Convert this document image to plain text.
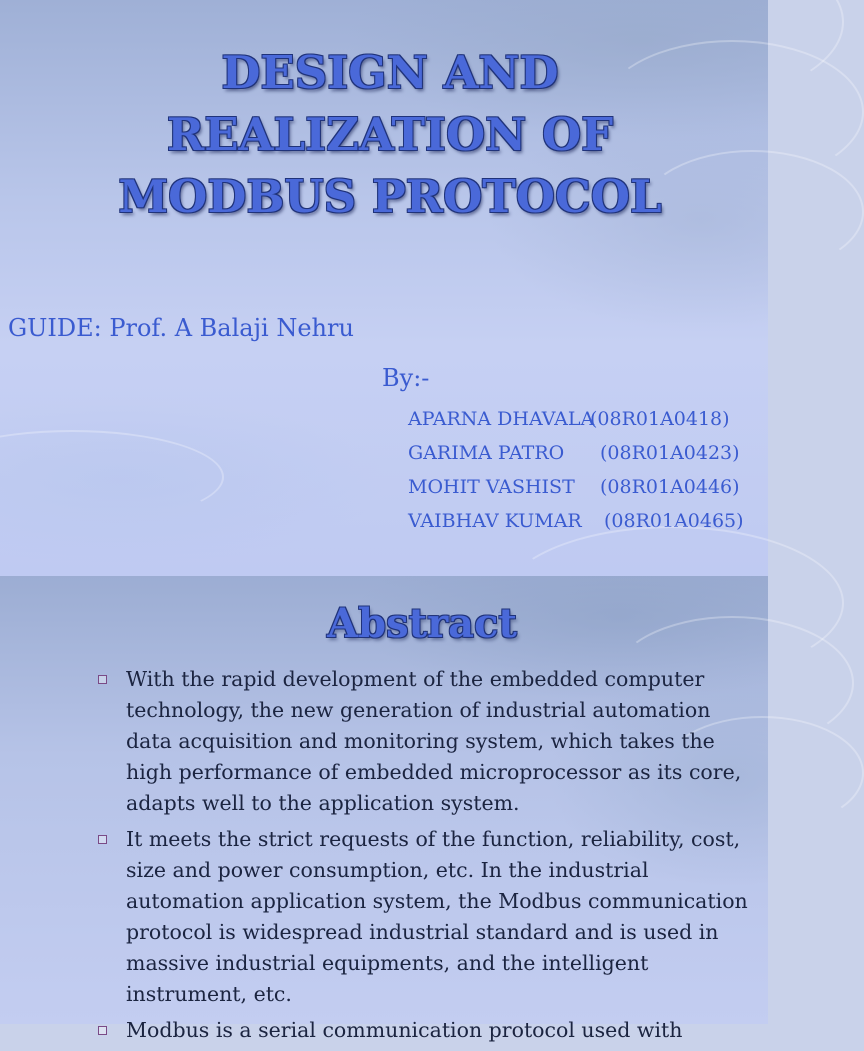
DESIGN AND
REALIZATION OF
MODBUS PROTOCOL
GUIDE: Prof. A Balaji Nehru
By:-
APARNA DHAVALA
(08R01A0418)
GARIMA PATRO (08R01A0423)
MOHIT VASHIST (08R01A0446)
VAIBHAV KUMAR (08R01A0465)
Abstract
With the rapid development of the embedded computer technology, the new generation of industrial automation data acquisition and monitoring system, which takes the high performance of embedded microprocessor as its core, adapts well to the application system.
It meets the strict requests of the function, reliability, cost, size and power consumption, etc. In the industrial automation application system, the Modbus communication protocol is widespread industrial standard and is used in massive industrial equipments, and the intelligent instrument, etc.
Modbus is a serial communication protocol used with
